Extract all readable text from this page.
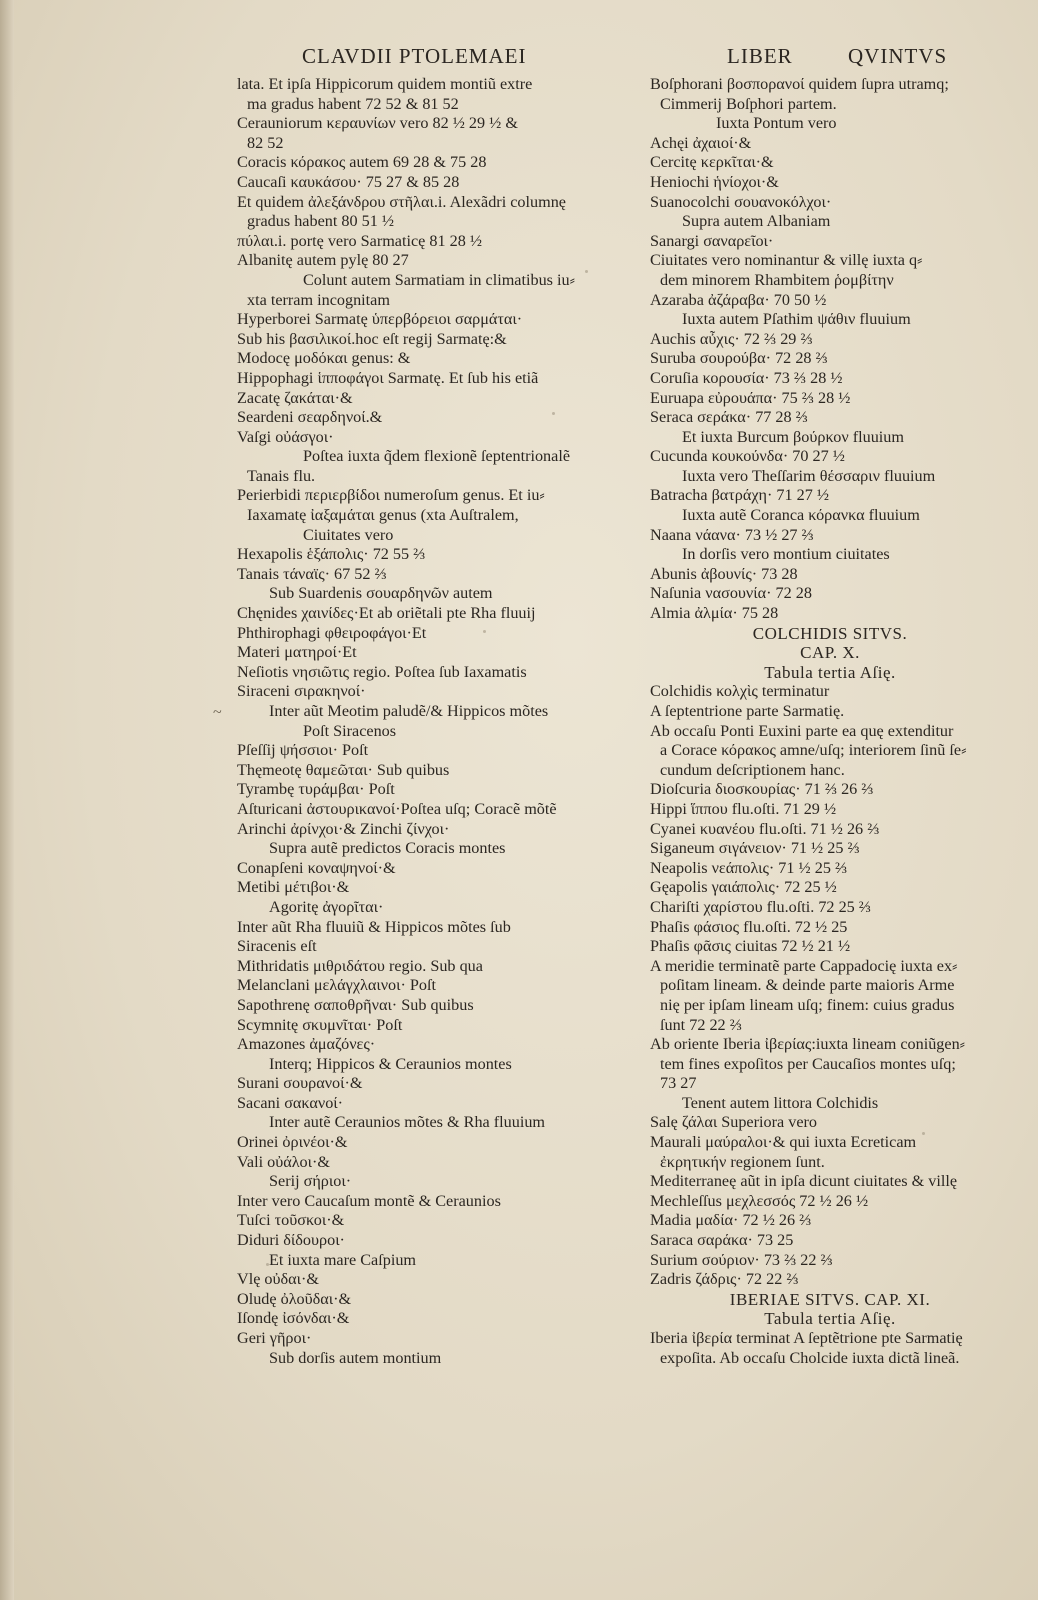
CLAVDII PTOLEMAEI	LIBER	QVINTVS
~
lata. Et ipſa Hippicorum quidem montiũ extre
ma gradus habent 72 52 & 81 52
Cerauniorum κεραυνίων vero 82 ½ 29 ½ &
82 52
Coracis κόρακος autem 69 28 & 75 28
Caucaſi καυκάσου· 75 27 & 85 28
Et quidem ἀλεξάνδρου στῆλαι.i. Alexãdri columnę
gradus habent 80 51 ½
πύλαι.i. portę vero Sarmaticę 81 28 ½
Albanitę autem pylę 80 27
Colunt autem Sarmatiam in climatibus iu⸗
xta terram incognitam
Hyperborei Sarmatę ὑπερβόρειοι σαρμάται·
Sub his βασιλικοί.hoc eſt regij Sarmatę:&
Modocę μοδόκαι genus: &
Hippophagi ἱπποφάγοι Sarmatę. Et ſub his etiã
Zacatę ζακάται·&
Seardeni σεαρδηνοί.&
Vaſgi οὐάσγοι·
Poſtea iuxta q̃dem flexionẽ ſeptentrionalẽ
Tanais flu.
Perierbidi περιερβίδοι numeroſum genus. Et iu⸗
Iaxamatę ἰαξαμάται genus (xta Auſtralem,
Ciuitates vero
Hexapolis ἑξάπολις· 72 55 ⅔
Tanais τάναϊς· 67 52 ⅔
Sub Suardenis σουαρδηνῶν autem
Chęnides χαινίδες·Et ab oriẽtali pte Rha fluuij
Phthirophagi φθειροφάγοι·Et
Materi ματηροί·Et
Neſiotis νησιῶτις regio. Poſtea ſub Iaxamatis
Siraceni σιρακηνοί·
Inter aũt Meotim paludẽ/& Hippicos mõtes
Poſt Siracenos
Pſeſſij ψήσσιοι· Poſt
Thęmeotę θαμεῶται· Sub quibus
Tyrambę τυράμβαι· Poſt
Aſturicani ἀστουρικανοί·Poſtea uſq; Coracẽ mõtẽ
Arinchi ἀρίνχοι·& Zinchi ζίνχοι·
Supra autẽ predictos Coracis montes
Conapſeni κοναψηνοί·&
Metibi μέτιβοι·&
Agoritę ἀγορῖται·
Inter aũt Rha fluuiũ & Hippicos mõtes ſub
Siracenis eſt
Mithridatis μιθριδάτου regio. Sub qua
Melanclani μελάγχλαινοι· Poſt
Sapothrenę σαποθρῆναι· Sub quibus
Scymnitę σκυμνῖται· Poſt
Amazones ἀμαζόνες·
Interq; Hippicos & Ceraunios montes
Surani σουρανοί·&
Sacani σακανοί·
Inter autẽ Ceraunios mõtes & Rha fluuium
Orinei ὀρινέοι·&
Vali οὐάλοι·&
Serij σήριοι·
Inter vero Caucaſum montẽ & Ceraunios
Tuſci τοῦσκοι·&
Diduri δίδουροι·
Et iuxta mare Caſpium
Vlę οὐδαι·&
Oludę ὀλοῦδαι·&
Iſondę ἰσόνδαι·&
Geri γῆροι·
Sub dorſis autem montium
Boſphorani βοσπορανοί quidem ſupra utramq;
Cimmerij Boſphori partem.
Iuxta Pontum vero
Achęi ἀχαιοί·&
Cercitę κερκῖται·&
Heniochi ἡνίοχοι·&
Suanocolchi σουανοκόλχοι·
Supra autem Albaniam
Sanargi σαναρεῖοι·
Ciuitates vero nominantur & villę iuxta q⸗
dem minorem Rhambitem ῥομβίτην
Azaraba ἀζάραβα· 70 50 ½
Iuxta autem Pſathim ψάθιν fluuium
Auchis αὖχις· 72 ⅔ 29 ⅔
Suruba σουρούβα· 72 28 ⅔
Coruſia κορουσία· 73 ⅔ 28 ½
Euruapa εὐρουάπα· 75 ⅔ 28 ½
Seraca σεράκα· 77 28 ⅔
Et iuxta Burcum βούρκον fluuium
Cucunda κουκούνδα· 70 27 ½
Iuxta vero Theſſarim θέσσαριν fluuium
Batracha βατράχη· 71 27 ½
Iuxta autẽ Coranca κόρανκα fluuium
Naana νάανα· 73 ½ 27 ⅔
In dorſis vero montium ciuitates
Abunis ἀβουνίς· 73 28
Naſunia νασουνία· 72 28
Almia ἀλμία· 75 28
COLCHIDIS SITVS.
CAP. X.
Tabula tertia Aſię.
Colchidis κολχὶς terminatur
A ſeptentrione parte Sarmatię.
Ab occaſu Ponti Euxini parte ea quę extenditur
a Corace κόρακος amne/uſq; interiorem ſinũ ſe⸗
cundum deſcriptionem hanc.
Dioſcuria διοσκουρίας· 71 ⅔ 26 ⅔
Hippi ἵππου flu.oſti. 71 29 ½
Cyanei κυανέου flu.oſti. 71 ½ 26 ⅔
Siganeum σιγάνειον· 71 ½ 25 ⅔
Neapolis νεάπολις· 71 ½ 25 ⅔
Gęapolis γαιάπολις· 72 25 ½
Chariſti χαρίστου flu.oſti. 72 25 ⅔
Phaſis φάσιος flu.oſti. 72 ½ 25
Phaſis φᾶσις ciuitas 72 ½ 21 ½
A meridie terminatẽ parte Cappadocię iuxta ex⸗
poſitam lineam. & deinde parte maioris Arme
nię per ipſam lineam uſq; finem: cuius gradus
ſunt 72 22 ⅔
Ab oriente Iberia ἰβερίας:iuxta lineam coniũgen⸗
tem fines expoſitos per Caucaſios montes uſq;
73 27
Tenent autem littora Colchidis
Salę ζάλαι Superiora vero
Maurali μαύραλοι·& qui iuxta Ecreticam
ἐκρητικήν regionem ſunt.
Mediterraneę aũt in ipſa dicunt ciuitates & villę
Mechleſſus μεχλεσσός 72 ½ 26 ½
Madia μαδία· 72 ½ 26 ⅔
Saraca σαράκα· 73 25
Surium σούριον· 73 ⅔ 22 ⅔
Zadris ζάδρις· 72 22 ⅔
IBERIAE SITVS. CAP. XI.
Tabula tertia Aſię.
Iberia ἰβερία terminat A ſeptẽtrione pte Sarmatię
expoſita. Ab occaſu Cholcide iuxta dictã lineã.
